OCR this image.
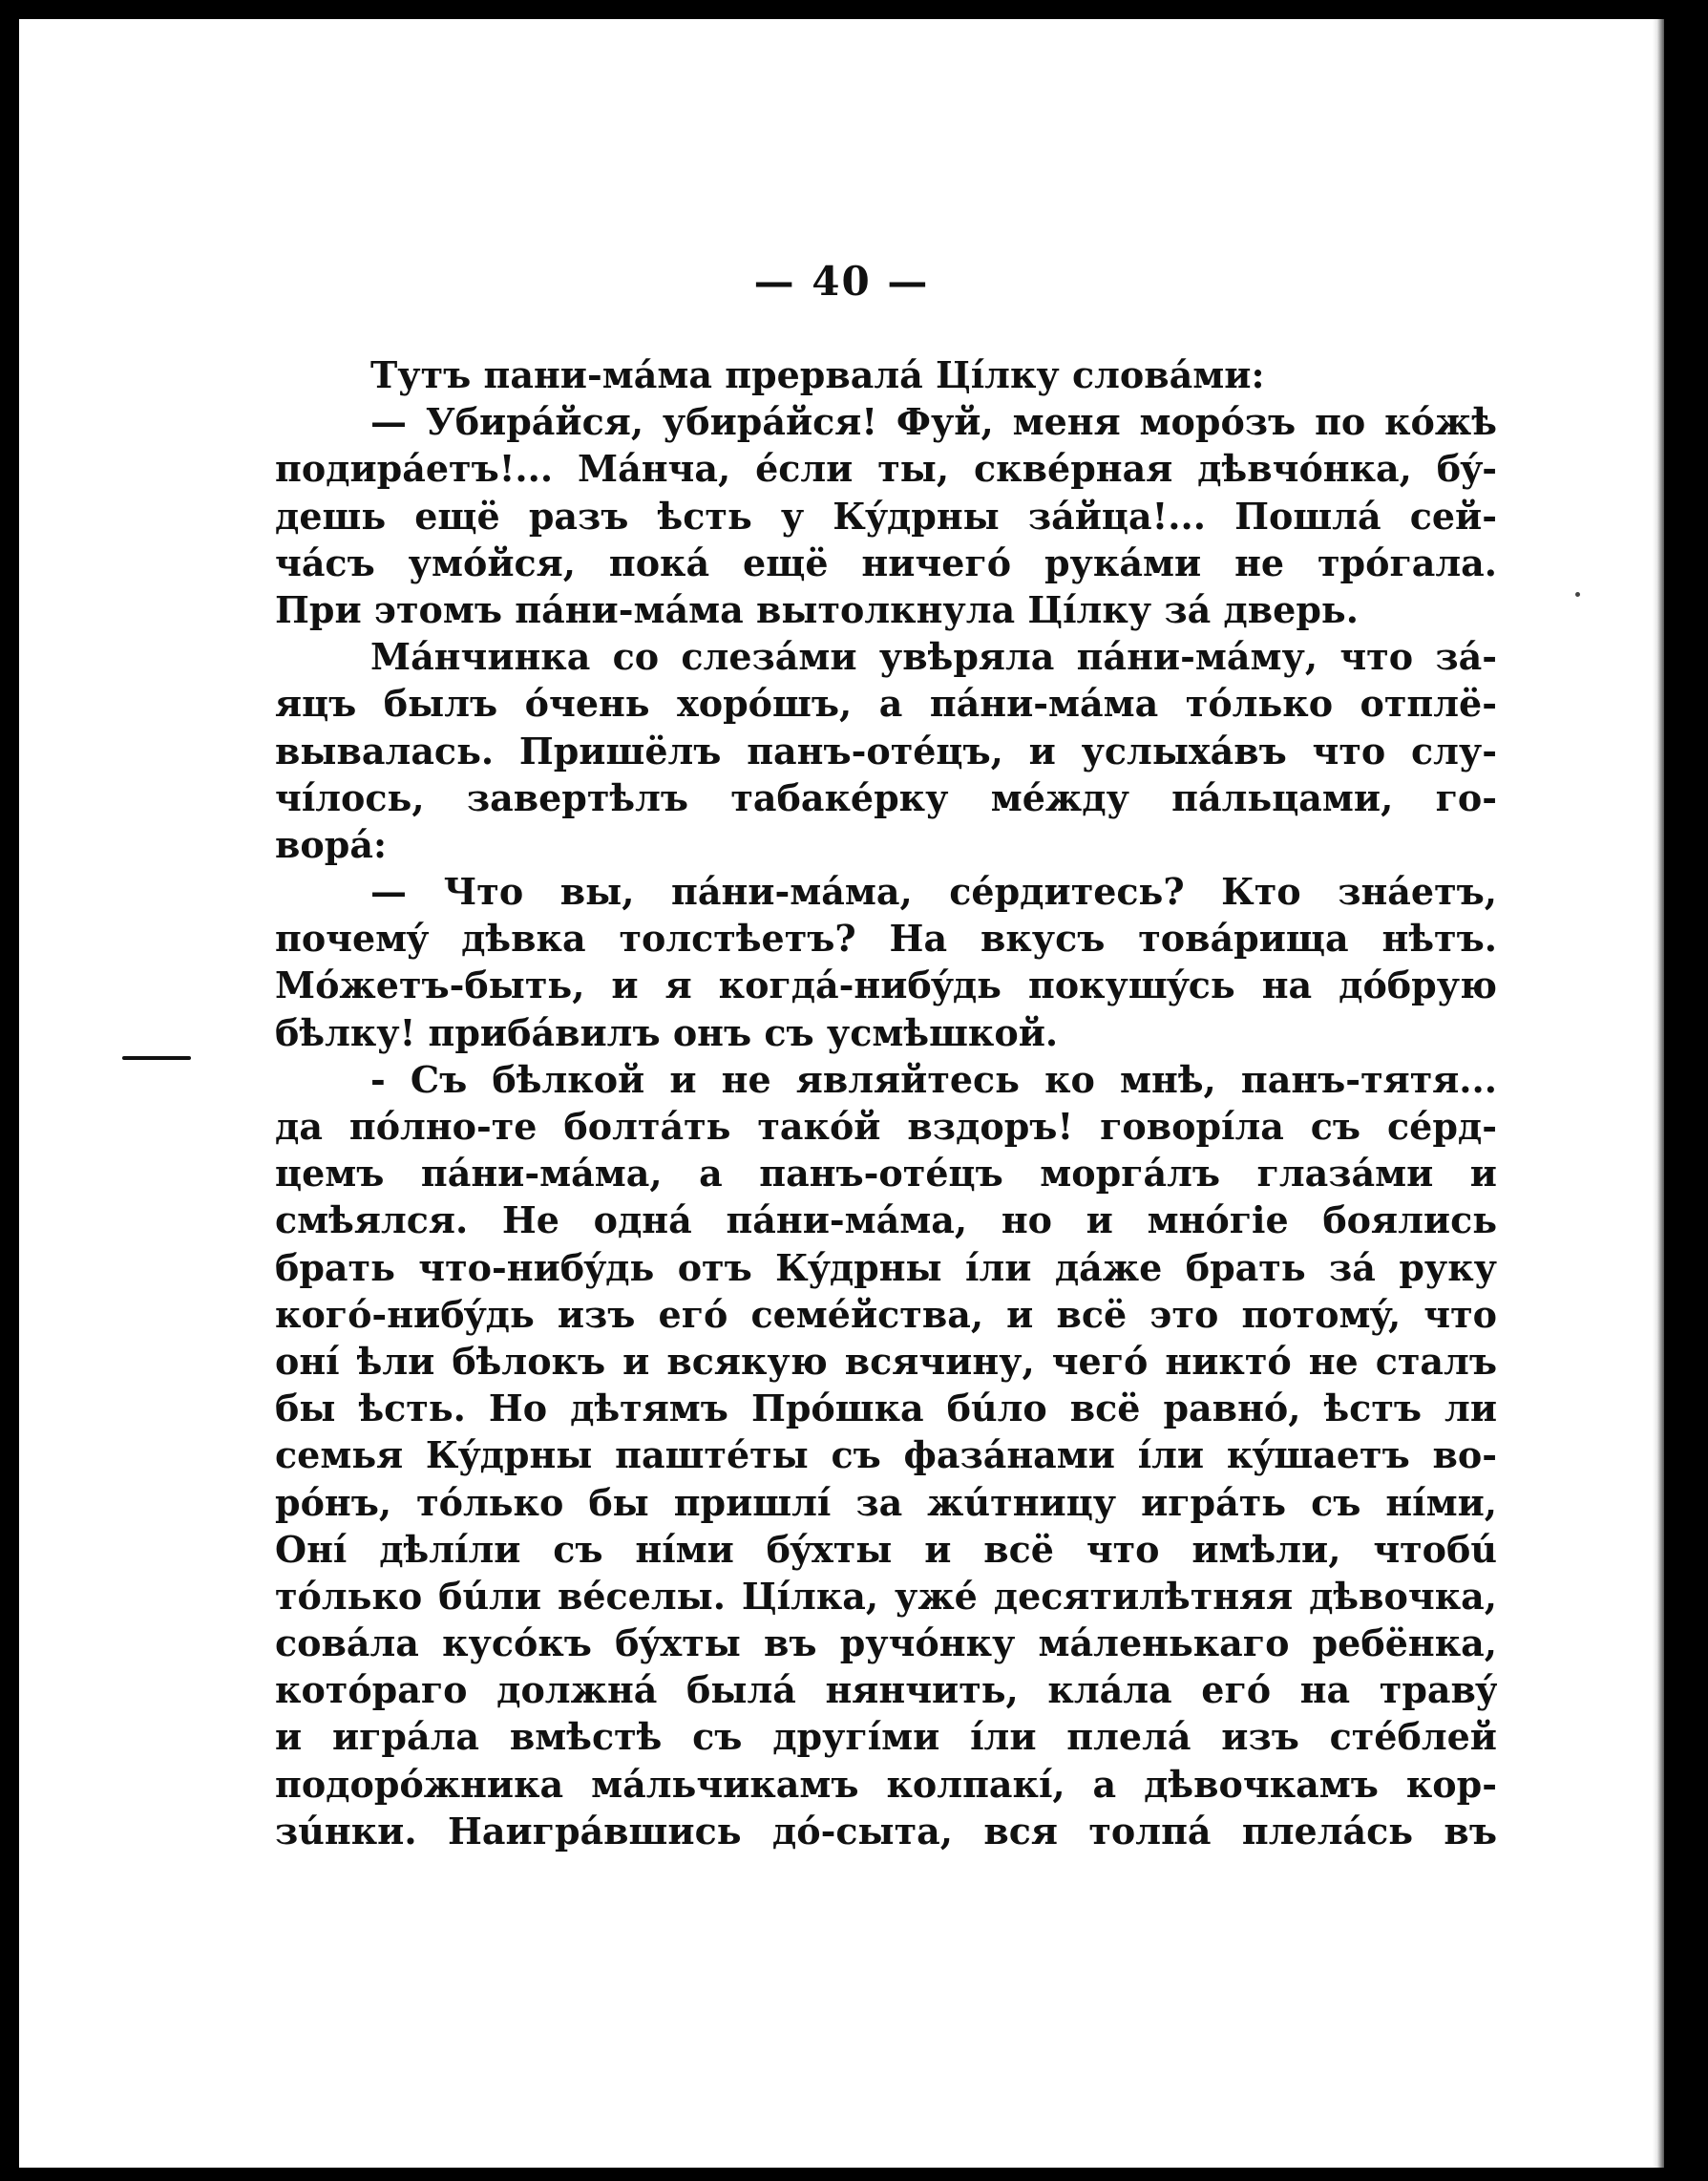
— 40 —
Тутъ пани-мáма прервалá Цíлку словáми:
— Убирáйся, убирáйся! Фуй, меня морóзъ по кóжѣ
подирáетъ!... Мáнча, éсли ты, сквéрная дѣвчóнка, бý-
дешь ещё разъ ѣсть у Кýдрны зáйца!... Пошлá сей-
чáсъ умóйся, покá ещё ничегó рукáми не трóгала.
При этомъ пáни-мáма вытолкнула Цíлку зá дверь.
Мáнчинка со слезáми увѣряла пáни-мáму, что зá-
яцъ былъ óчень хорóшъ, а пáни-мáма тóлько отплё-
вывалась. Пришёлъ панъ-отéцъ, и услыхáвъ что слу-
чíлось, завертѣлъ табакéрку мéжду пáльцами, го-
ворá:
— Что вы, пáни-мáма, сéрдитесь? Кто знáетъ,
почемý дѣвка толстѣетъ? На вкусъ товáрища нѣтъ.
Мóжетъ-быть, и я когдá-нибýдь покушýсь на дóбрую
бѣлку! прибáвилъ онъ съ усмѣшкой.
- Съ бѣлкой и не являйтесь ко мнѣ, панъ-тятя...
да пóлно-те болтáть такóй вздоръ! говорíла съ сéрд-
цемъ пáни-мáма, а панъ-отéцъ моргáлъ глазáми и
смѣялся. Не однá пáни-мáма, но и мнóгіе боялись
брать что-нибýдь отъ Кýдрны íли дáже брать зá руку
когó-нибýдь изъ егó семéйства, и всё это потомý, что
онí ѣли бѣлокъ и всякую всячину, чегó никтó не сталъ
бы ѣсть. Но дѣтямъ Прóшка бúло всё равнó, ѣстъ ли
семья Кýдрны паштéты съ фазáнами íли кýшаетъ во-
рóнъ, тóлько бы пришлí за жúтницу игрáть съ нíми,
Онí дѣлíли съ нíми бýхты и всё что имѣли, чтобú
тóлько бúли вéселы. Цíлка, ужé десятилѣтняя дѣвочка,
совáла кусóкъ бýхты въ ручóнку мáленькаго ребёнка,
котóраго должнá былá нянчить, клáла егó на травý
и игрáла вмѣстѣ съ другíми íли плелá изъ стéблей
подорóжника мáльчикамъ колпакí, а дѣвочкамъ кор-
зúнки. Наигрáвшись дó-сыта, вся толпá плелáсь въ
